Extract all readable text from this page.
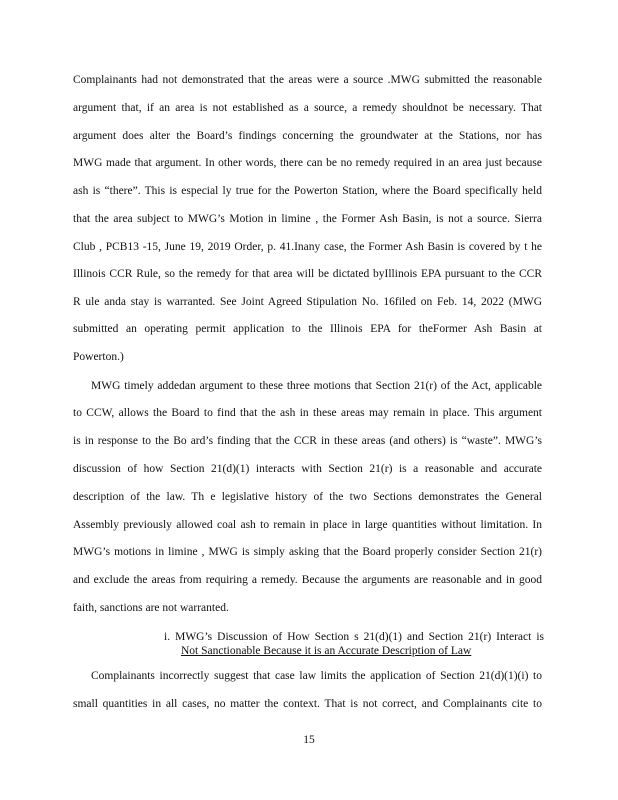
Complainants had not demonstrated that the areas were a source .MWG submitted the reasonable
argument that, if an area is not established as a source, a remedy shouldnot be necessary. That
argument does alter the Board’s findings concerning the groundwater at the Stations, nor has
MWG made that argument. In other words, there can be no remedy required in an area just because
ash is “there”. This is especial ly true for the Powerton Station, where the Board specifically held
that the area subject to MWG’s Motion in limine , the Former Ash Basin, is not a source. Sierra
Club , PCB13 -15, June 19, 2019 Order, p. 41.Inany case, the Former Ash Basin is covered by t he
Illinois CCR Rule, so the remedy for that area will be dictated byIllinois EPA pursuant to the CCR
R ule anda stay is warranted. See Joint Agreed Stipulation No. 16filed on Feb. 14, 2022 (MWG
submitted an operating permit application to the Illinois EPA for theFormer Ash Basin at
Powerton.)
MWG timely addedan argument to these three motions that Section 21(r) of the Act, applicable
to CCW, allows the Board to find that the ash in these areas may remain in place. This argument
is in response to the Bo ard’s finding that the CCR in these areas (and others) is “waste”. MWG’s
discussion of how Section 21(d)(1) interacts with Section 21(r) is a reasonable and accurate
description of the law. Th e legislative history of the two Sections demonstrates the General
Assembly previously allowed coal ash to remain in place in large quantities without limitation. In
MWG’s motions in limine , MWG is simply asking that the Board properly consider Section 21(r)
and exclude the areas from requiring a remedy. Because the arguments are reasonable and in good
faith, sanctions are not warranted.
i. MWG’s Discussion of How Section s 21(d)(1) and Section 21(r) Interact is
Not Sanctionable Because it is an Accurate Description of Law
Complainants incorrectly suggest that case law limits the application of Section 21(d)(1)(i) to
small quantities in all cases, no matter the context. That is not correct, and Complainants cite to
15
